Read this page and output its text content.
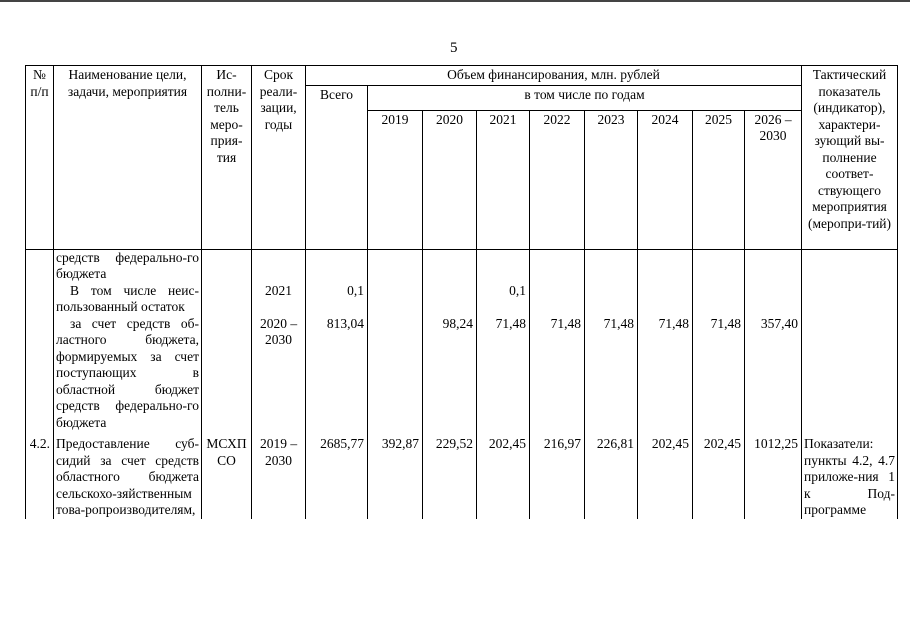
5
№ п/п	Наименование цели, задачи, мероприятия	Ис-полни-тель меро-прия-тия	Срок реали-зации, годы	Объем финансирования, млн. рублей									Тактический показатель (индикатор), характери-зующий вы-полнение соответ-ствующего мероприятия (меропри-тий)
				Всего	в том числе по годам								
					2019	2020	2021	2022	2023	2024	2025	2026 – 2030	
	средств федерально-го бюджета												
	В том числе неис-пользованный остаток		2021	0,1			0,1						
	за счет средств об-ластного бюджета, формируемых за счет поступающих в областной бюджет средств федерально-го бюджета		2020 – 2030	813,04		98,24	71,48	71,48	71,48	71,48	71,48	357,40	
4.2.	Предоставление суб-сидий за счет средств областного бюджета сельскохо-зяйственным това-ропроизводителям,	МСХП СО	2019 – 2030	2685,77	392,87	229,52	202,45	216,97	226,81	202,45	202,45	1012,25	Показатели: пункты 4.2, 4.7 приложе-ния 1 к Под-программе
